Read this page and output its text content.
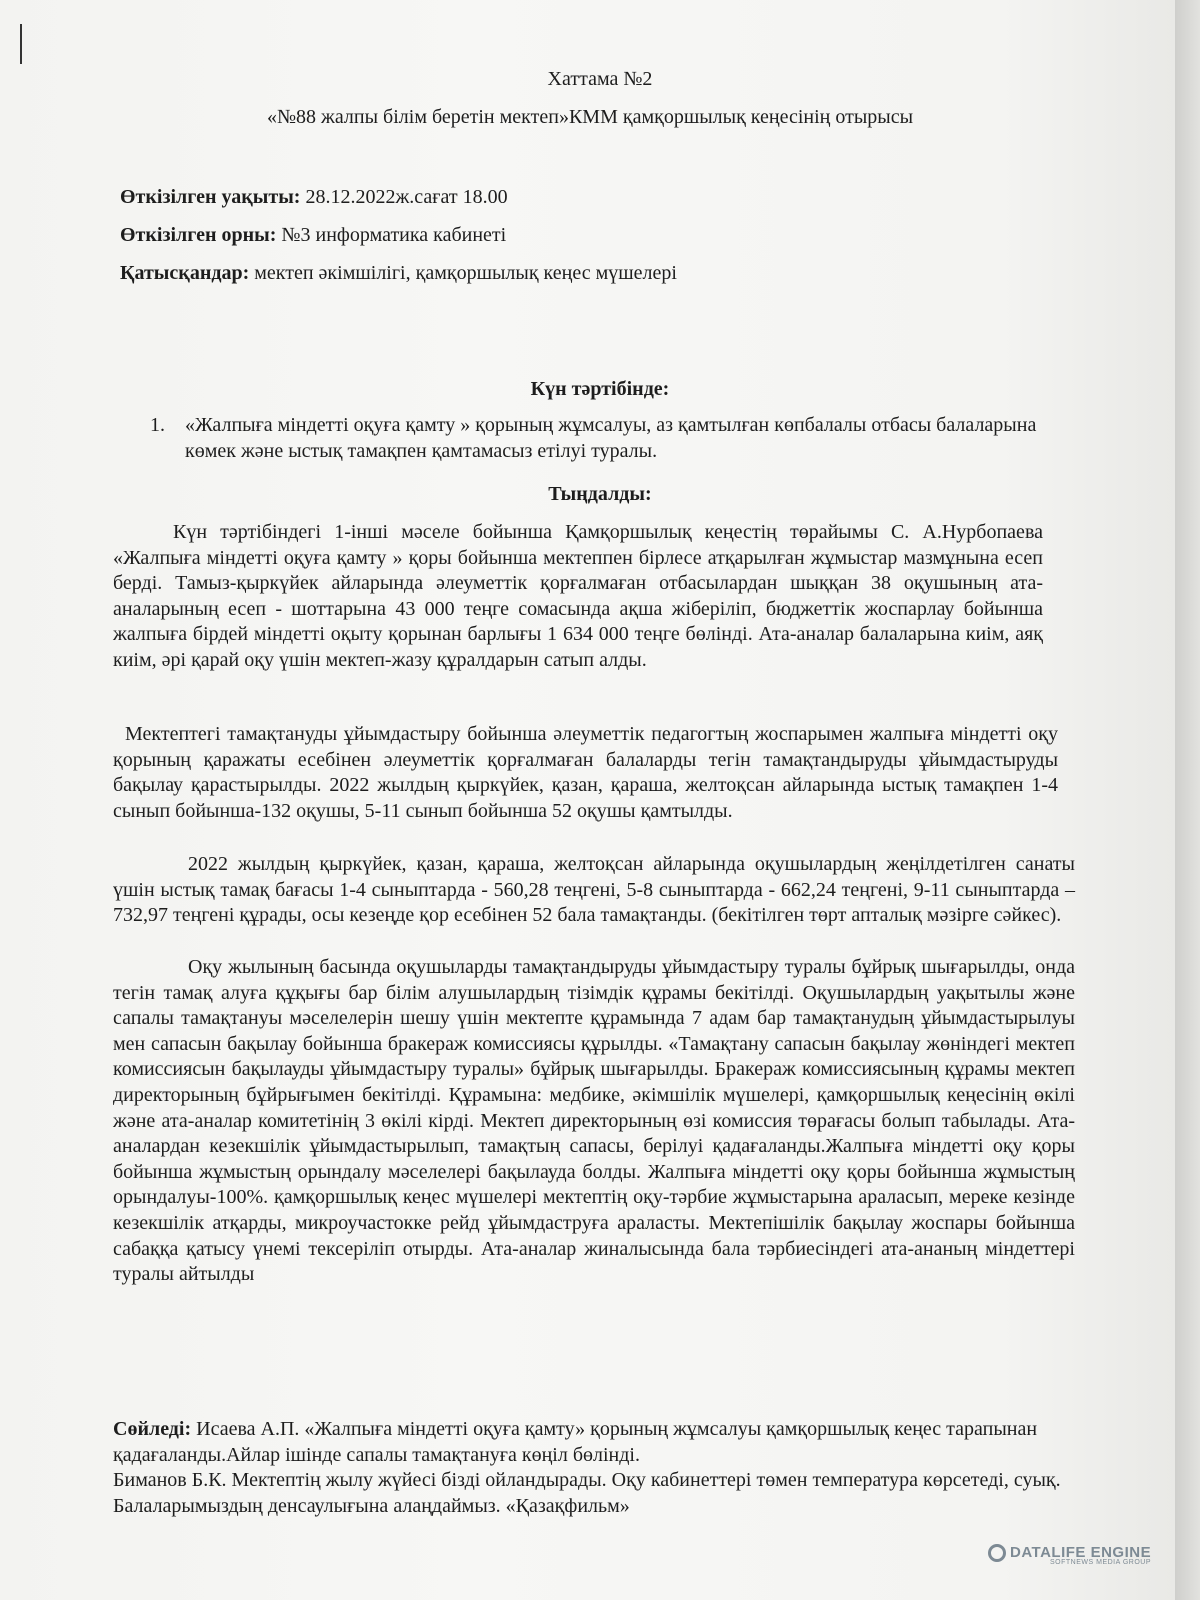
Хаттама №2
«№88 жалпы білім беретін мектеп»КММ қамқоршылық кеңесінің отырысы
Өткізілген уақыты: 28.12.2022ж.сағат 18.00
Өткізілген орны: №3 информатика кабинеті
Қатысқандар: мектеп әкімшілігі, қамқоршылық кеңес мүшелері
Күн тәртібінде:
1. «Жалпыға міндетті оқуға қамту » қорының жұмсалуы, аз қамтылған көпбалалы отбасы балаларына көмек және ыстық тамақпен қамтамасыз етілуі туралы.
Тыңдалды:
Күн тәртібіндегі 1-інші мәселе бойынша Қамқоршылық кеңестің төрайымы С. А.Нурбопаева «Жалпыға міндетті оқуға қамту » қоры бойынша мектеппен бірлесе атқарылған жұмыстар мазмұнына есеп берді. Тамыз-қыркүйек айларында әлеуметтік қорғалмаған отбасылардан шыққан 38 оқушының ата-аналарының есеп - шоттарына 43 000 теңге сомасында ақша жіберіліп, бюджеттік жоспарлау бойынша жалпыға бірдей міндетті оқыту қорынан барлығы 1 634 000 теңге бөлінді. Ата-аналар балаларына киім, аяқ киім, әрі қарай оқу үшін мектеп-жазу құралдарын сатып алды.
Мектептегі тамақтануды ұйымдастыру бойынша әлеуметтік педагогтың жоспарымен жалпыға міндетті оқу қорының қаражаты есебінен әлеуметтік қорғалмаған балаларды тегін тамақтандыруды ұйымдастыруды бақылау қарастырылды. 2022 жылдың қыркүйек, қазан, қараша, желтоқсан айларында ыстық тамақпен 1-4 сынып бойынша-132 оқушы, 5-11 сынып бойынша 52 оқушы қамтылды.
2022 жылдың қыркүйек, қазан, қараша, желтоқсан айларында оқушылардың жеңілдетілген санаты үшін ыстық тамақ бағасы 1-4 сыныптарда - 560,28 теңгені, 5-8 сыныптарда - 662,24 теңгені, 9-11 сыныптарда – 732,97 теңгені құрады, осы кезеңде қор есебінен 52 бала тамақтанды. (бекітілген төрт апталық мәзірге сәйкес).
Оқу жылының басында оқушыларды тамақтандыруды ұйымдастыру туралы бұйрық шығарылды, онда тегін тамақ алуға құқығы бар білім алушылардың тізімдік құрамы бекітілді. Оқушылардың уақытылы және сапалы тамақтануы мәселелерін шешу үшін мектепте құрамында 7 адам бар тамақтанудың ұйымдастырылуы мен сапасын бақылау бойынша бракераж комиссиясы құрылды. «Тамақтану сапасын бақылау жөніндегі мектеп комиссиясын бақылауды ұйымдастыру туралы» бұйрық шығарылды. Бракераж комиссиясының құрамы мектеп директорының бұйрығымен бекітілді. Құрамына: медбике, әкімшілік мүшелері, қамқоршылық кеңесінің өкілі және ата-аналар комитетінің 3 өкілі кірді. Мектеп директорының өзі комиссия төрағасы болып табылады. Ата-аналардан кезекшілік ұйымдастырылып, тамақтың сапасы, берілуі қадағаланды.Жалпыға міндетті оқу қоры бойынша жұмыстың орындалу мәселелері бақылауда болды. Жалпыға міндетті оқу қоры бойынша жұмыстың орындалуы-100%. қамқоршылық кеңес мүшелері мектептің оқу-тәрбие жұмыстарына араласып, мереке кезінде кезекшілік атқарды, микроучастокке рейд ұйымдаструға араласты. Мектепішілік бақылау жоспары бойынша сабаққа қатысу үнемі тексеріліп отырды. Ата-аналар жиналысында бала тәрбиесіндегі ата-ананың міндеттері туралы айтылды
Сөйледі: Исаева А.П. «Жалпыға міндетті оқуға қамту» қорының жұмсалуы қамқоршылық кеңес тарапынан қадағаланды.Айлар ішінде сапалы тамақтануға көңіл бөлінді.
Биманов Б.К. Мектептің жылу жүйесі бізді ойландырады. Оқу кабинеттері төмен температура көрсетеді, суық. Балаларымыздың денсаулығына алаңдаймыз. «Қазақфильм»
DATALIFE ENGINE
SOFTNEWS MEDIA GROUP
